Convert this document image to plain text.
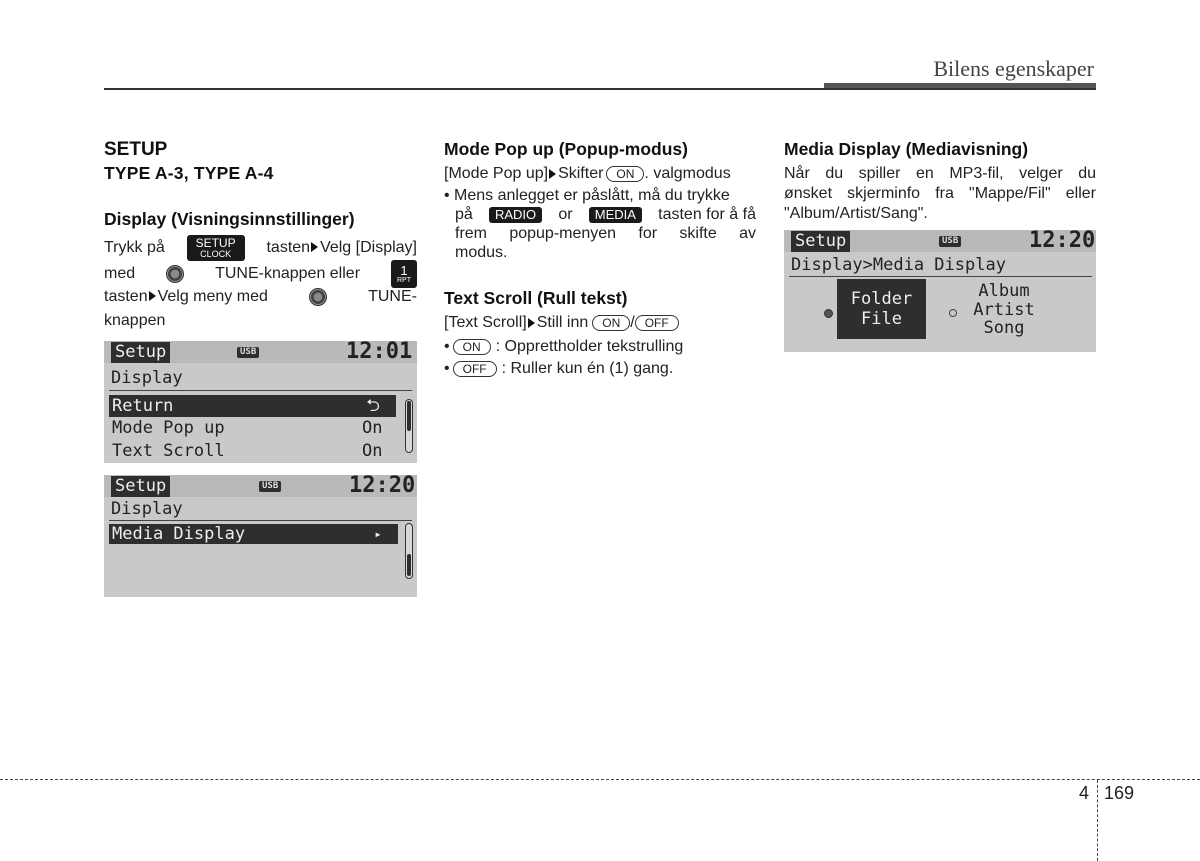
Bilens egenskaper
SETUP
TYPE A-3, TYPE A-4
Display (Visningsinnstillinger)
Trykk på	SETUP
CLOCK tasten Velg [Display]
med	TUNE-knappen eller	1
RPT
tasten Velg meny med	TUNE-
knappen
Setup	USB	12:01
Display
Return	⮌
Mode Pop up	On
Text Scroll	On
Setup	USB	12:20
Display
Media Display	▸
Mode Pop up (Popup-modus)
[Mode Pop up] Skifter	ON . valgmodus
• Mens anlegget er påslått, må du trykke
på	RADIO	or	MEDIA	tasten for å få
frem popup-menyen for skifte av
modus.
Text Scroll (Rull tekst)
[Text Scroll] Still inn	ON / OFF
•	ON : Opprettholder tekstrulling
•	OFF : Ruller kun én (1) gang.
Media Display (Mediavisning)
Når du spiller en MP3-fil, velger du
ønsket skjerminfo fra "Mappe/Fil" eller
"Album/Artist/Sang".
Setup	USB	12:20
Display>Media Display
Folder
File
Album
Artist
Song
4 169
